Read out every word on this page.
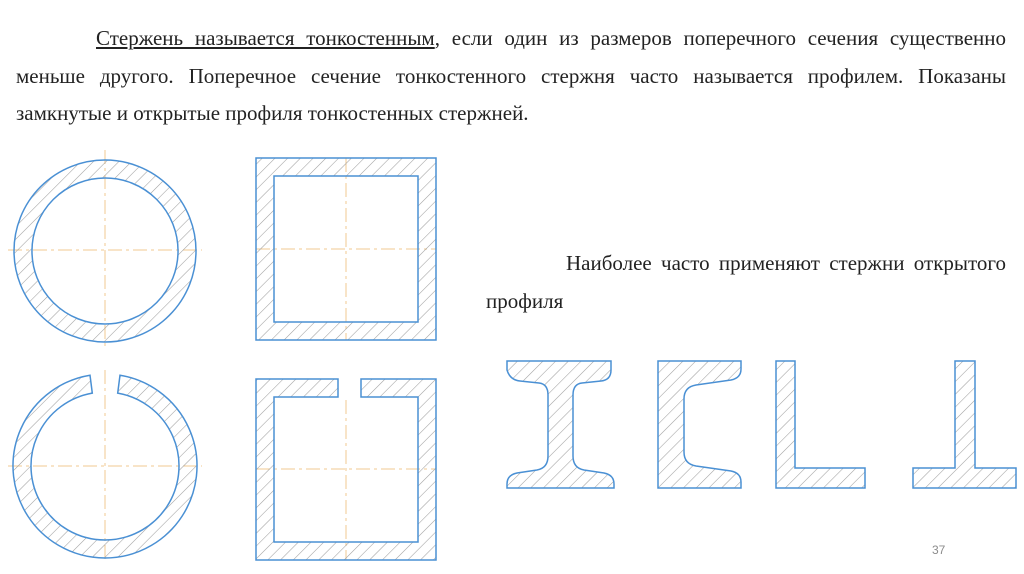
Стержень называется тонкостенным, если один из размеров поперечного сечения существенно меньше другого. Поперечное сечение тонкостенного стержня часто называется профилем. Показаны замкнутые и открытые профиля тонкостенных стержней.

Наиболее часто применяют стержни открытого профиля

37
